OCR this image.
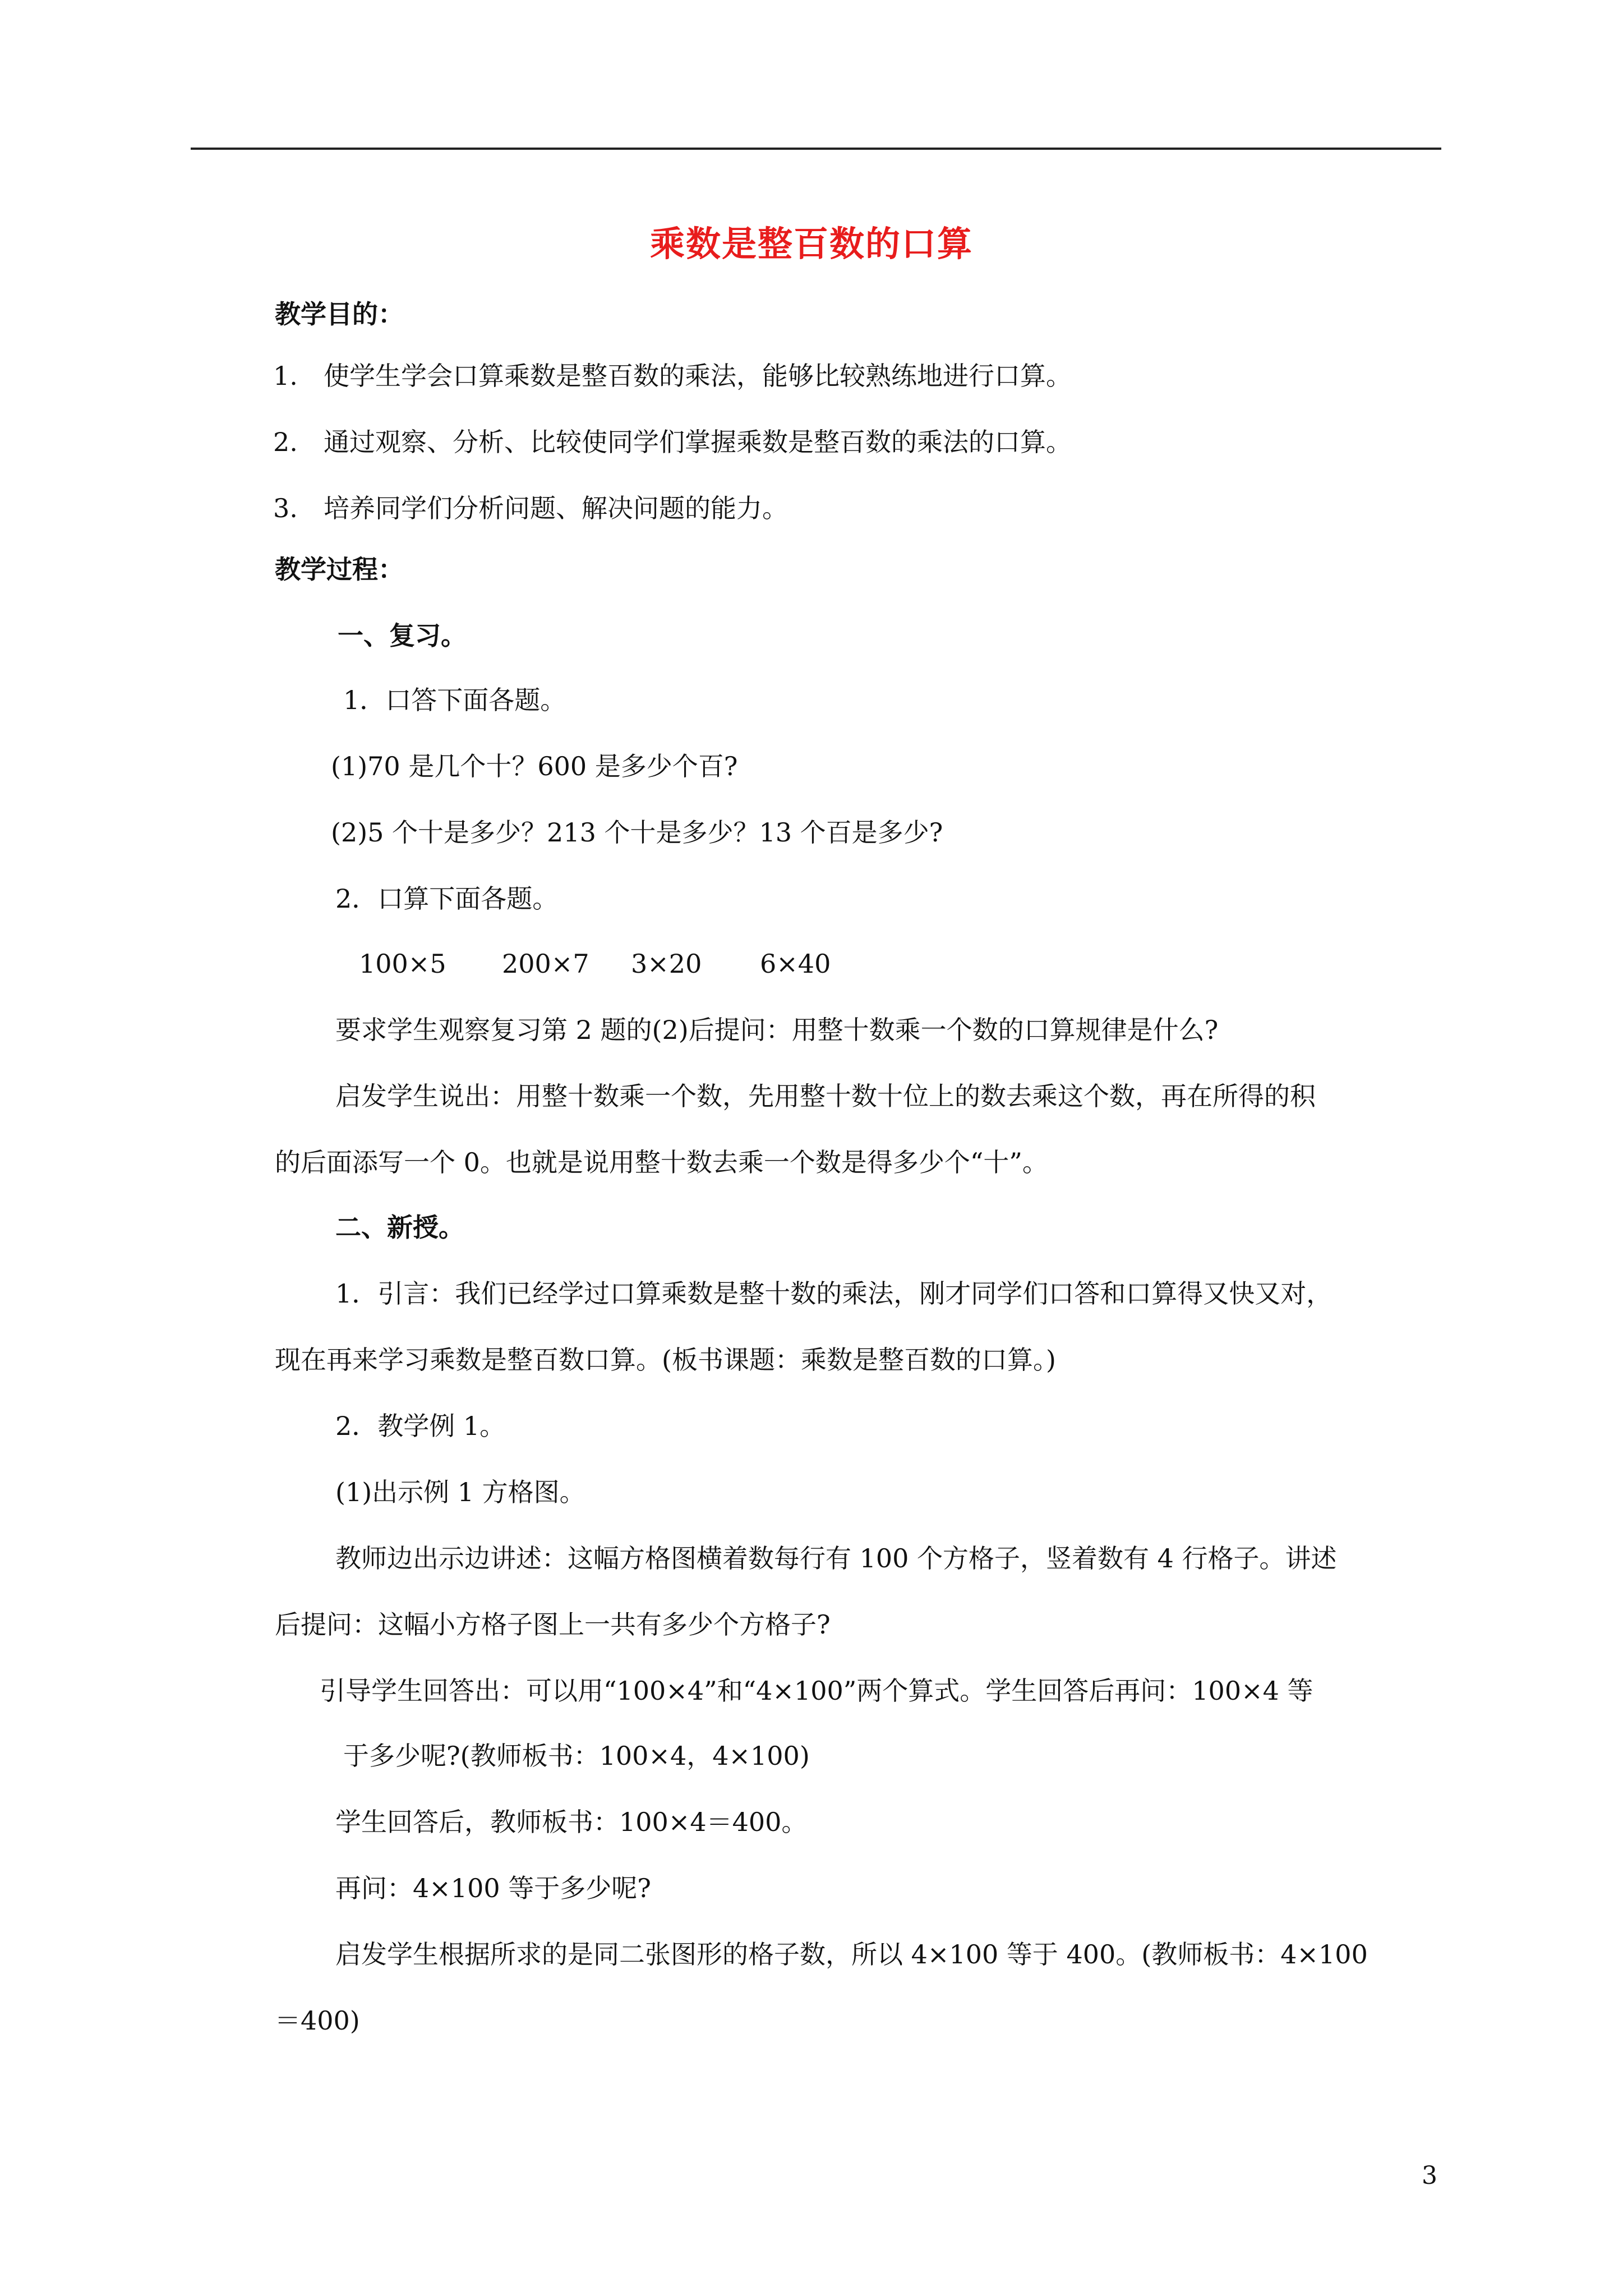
乘数是整百数的口算
教学目的：
1. 使学生学会口算乘数是整百数的乘法，能够比较熟练地进行口算。
2. 通过观察、分析、比较使同学们掌握乘数是整百数的乘法的口算。
3. 培养同学们分析问题、解决问题的能力。
教学过程：
一、复习。
1．口答下面各题。
(1)70 是几个十？600 是多少个百?
(2)5 个十是多少？213 个十是多少？13 个百是多少?
2．口算下面各题。
100×5 200×7 3×20 6×40
要求学生观察复习第 2 题的(2)后提问：用整十数乘一个数的口算规律是什么?
启发学生说出：用整十数乘一个数，先用整十数十位上的数去乘这个数，再在所得的积
的后面添写一个 0。也就是说用整十数去乘一个数是得多少个“十”。
二、新授。
1．引言：我们已经学过口算乘数是整十数的乘法，刚才同学们口答和口算得又快又对，
现在再来学习乘数是整百数口算。(板书课题：乘数是整百数的口算。)
2．教学例 1。
(1)出示例 1 方格图。
教师边出示边讲述：这幅方格图横着数每行有 100 个方格子，竖着数有 4 行格子。讲述
后提问：这幅小方格子图上一共有多少个方格子?
引导学生回答出：可以用“100×4”和“4×100”两个算式。学生回答后再问：100×4 等
于多少呢?(教师板书：100×4，4×100)
学生回答后，教师板书：100×4＝400。
再问：4×100 等于多少呢?
启发学生根据所求的是同二张图形的格子数，所以 4×100 等于 400。(教师板书：4×100
＝400)
3
